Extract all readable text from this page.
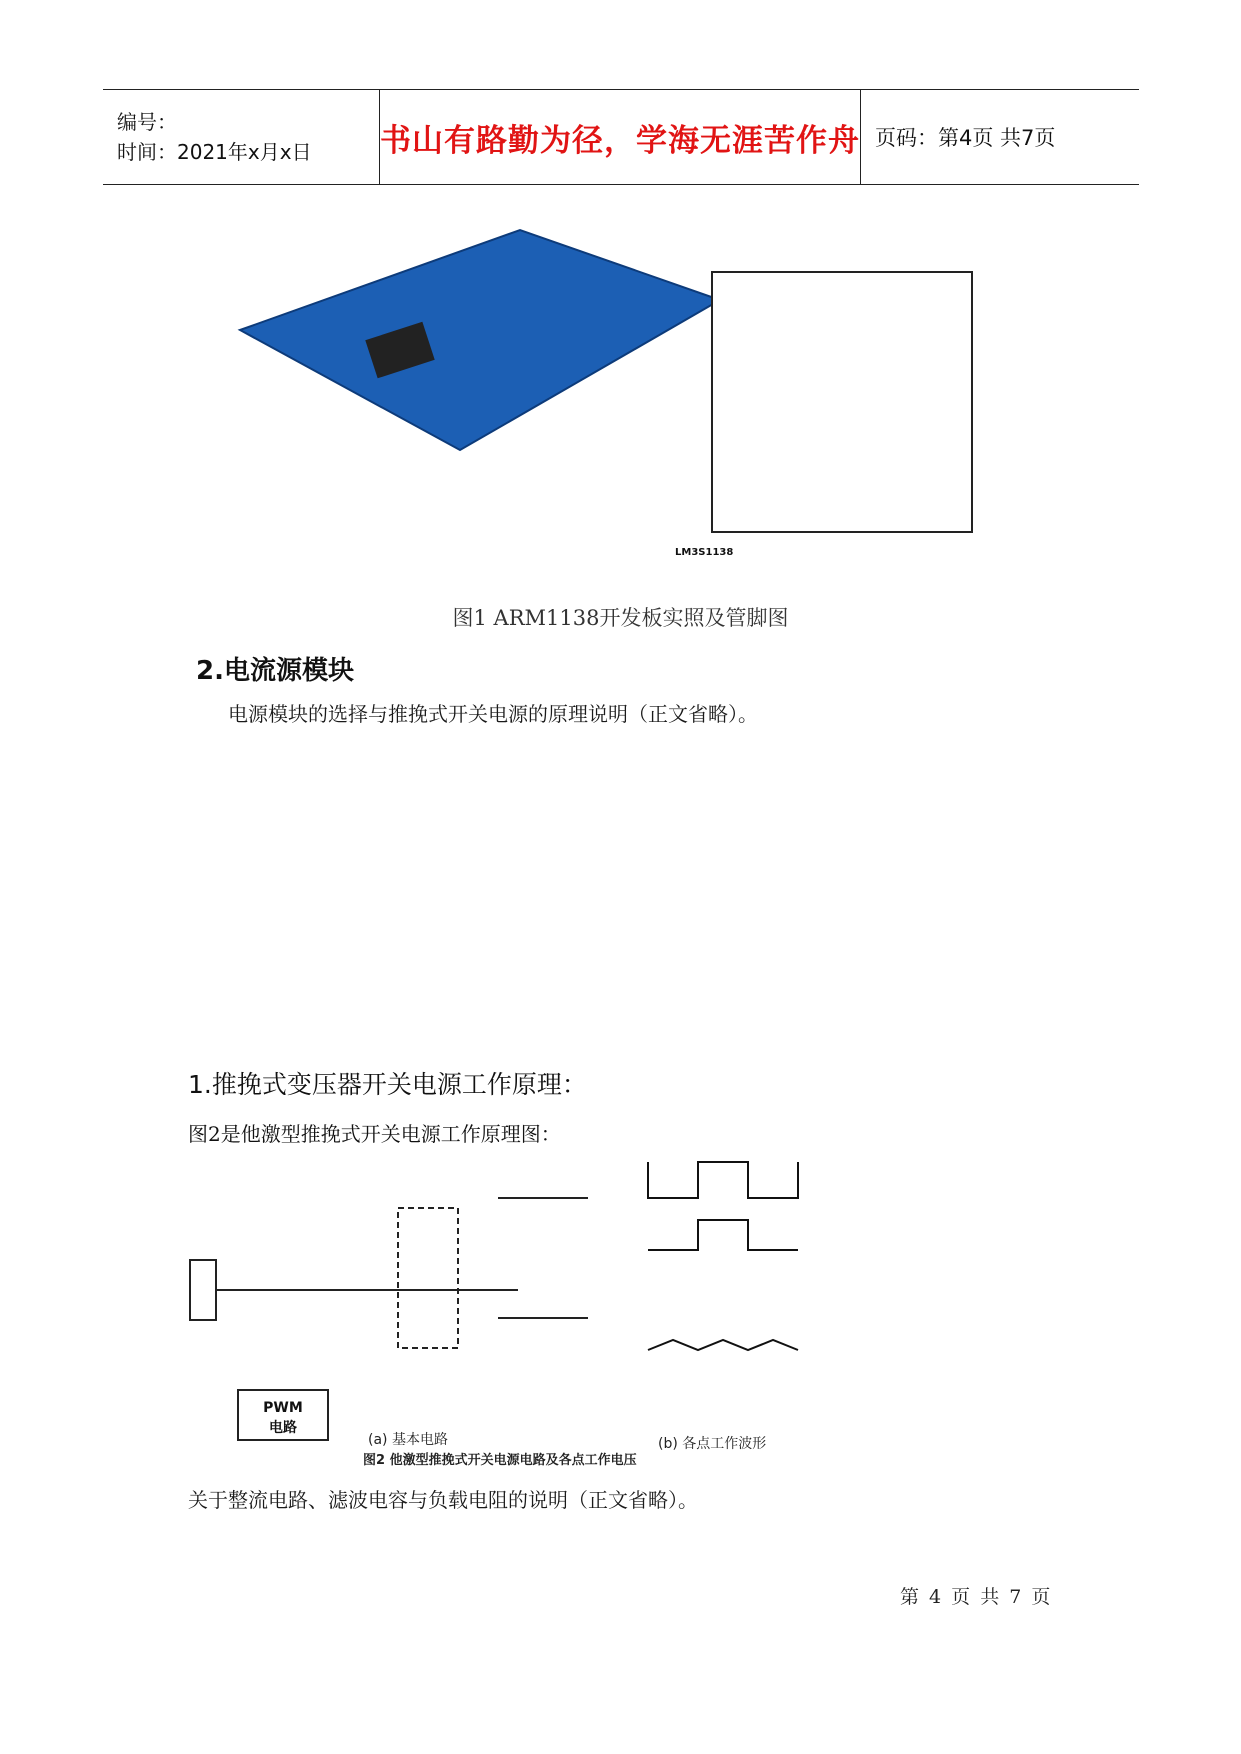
编号：
时间：2021年x月x日	书山有路勤为径，学海无涯苦作舟 页码：第4页 共7页
LM3S1138
图1 ARM1138开发板实照及管脚图
2.电流源模块
电源模块的选择与推挽式开关电源的原理说明（正文省略）。
1.推挽式变压器开关电源工作原理：
图2是他激型推挽式开关电源工作原理图：
PWM
电路
(a) 基本电路	(b) 各点工作波形
图2 他激型推挽式开关电源电路及各点工作电压
关于整流电路、滤波电容与负载电阻的说明（正文省略）。
第 4 页 共 7 页
